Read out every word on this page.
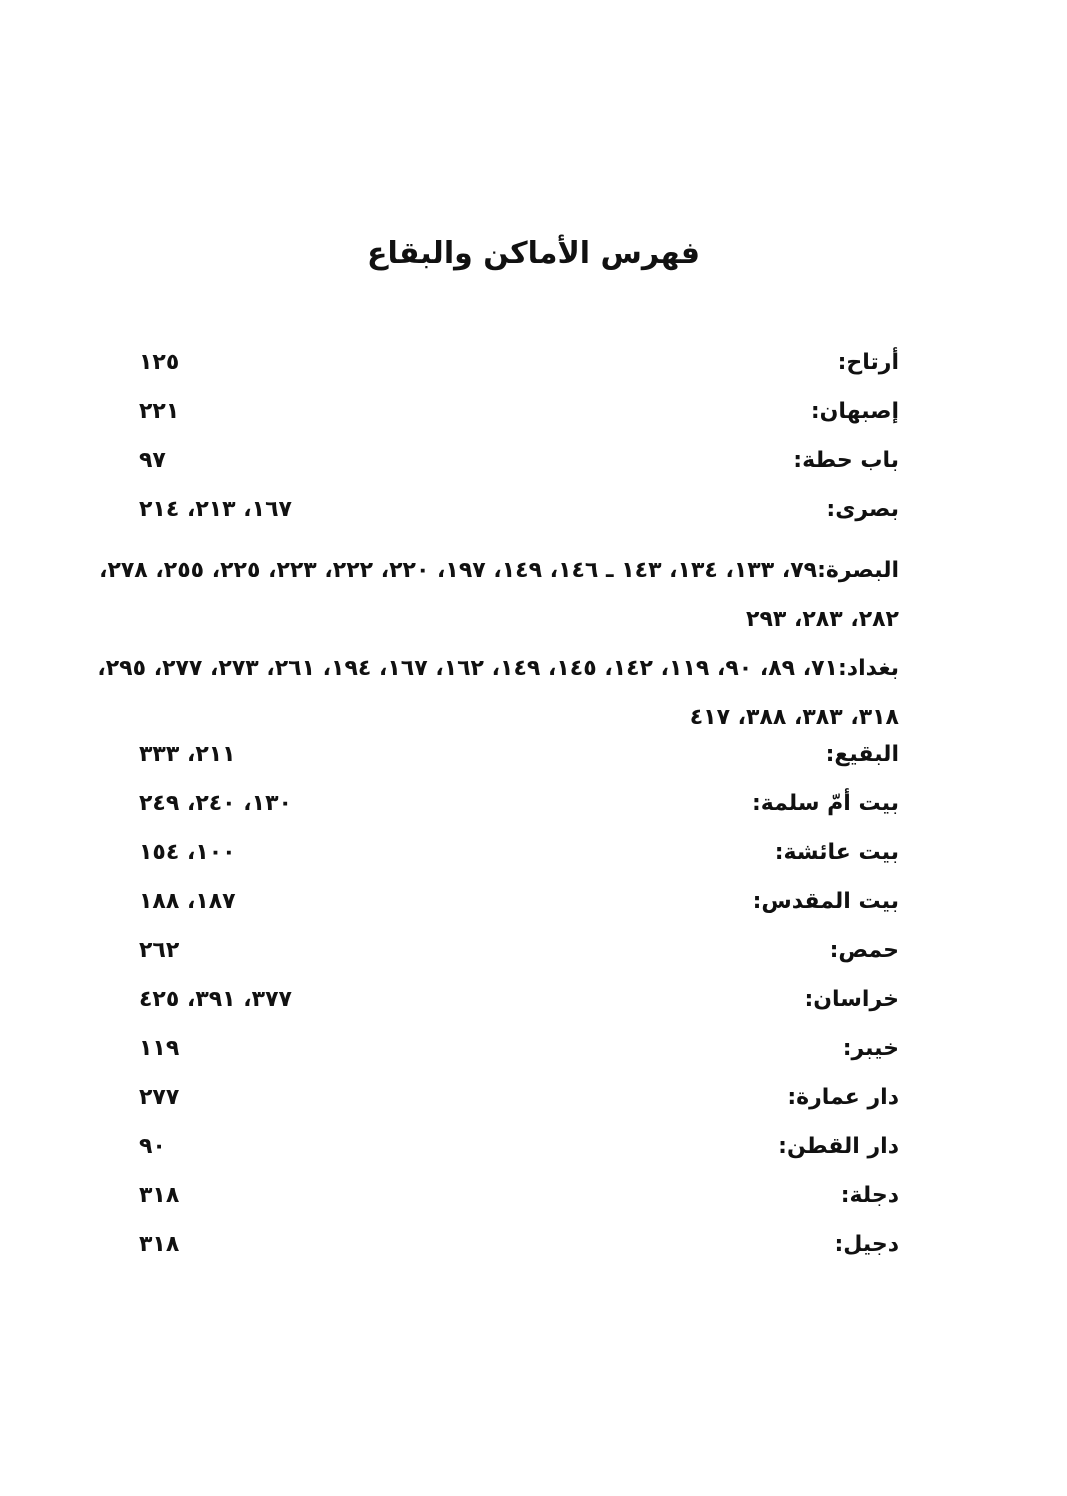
فهرس الأماكن والبقاع
أرتاح:
١٢٥
إصبهان:
٢٢١
باب حطة:
٩٧
بصرى:
١٦٧، ٢١٣، ٢١٤
البصرة:٧٩، ١٣٣، ١٣٤، ١٤٣ ـ ١٤٦، ١٤٩، ١٩٧، ٢٢٠، ٢٢٢، ٢٢٣، ٢٢٥، ٢٥٥، ٢٧٨، ٢٨٢، ٢٨٣، ٢٩٣
بغداد:٧١، ٨٩، ٩٠، ١١٩، ١٤٢، ١٤٥، ١٤٩، ١٦٢، ١٦٧، ١٩٤، ٢٦١، ٢٧٣، ٢٧٧، ٢٩٥، ٣١٨، ٣٨٣، ٣٨٨، ٤١٧
البقيع:
٢١١، ٣٣٣
بيت أمّ سلمة:
١٣٠، ٢٤٠، ٢٤٩
بيت عائشة:
١٠٠، ١٥٤
بيت المقدس:
١٨٧، ١٨٨
حمص:
٢٦٢
خراسان:
٣٧٧، ٣٩١، ٤٢٥
خيبر:
١١٩
دار عمارة:
٢٧٧
دار القطن:
٩٠
دجلة:
٣١٨
دجيل:
٣١٨
